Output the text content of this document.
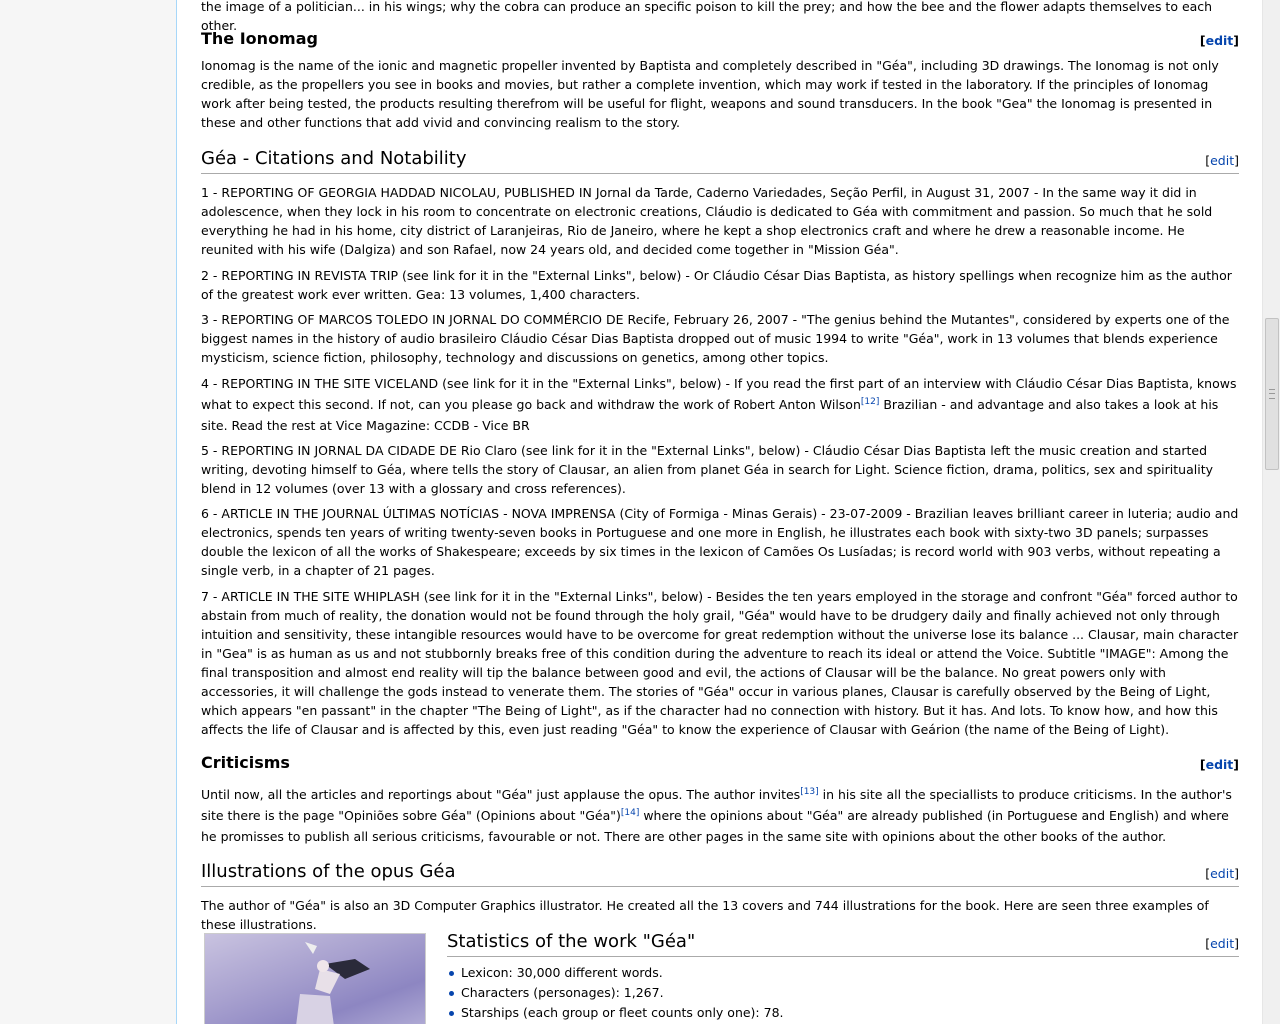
the image of a politician... in his wings; why the cobra can produce an specific poison to kill the prey; and how the bee and the flower adapts themselves to each other.

The Ionomag	[edit]

Ionomag is the name of the ionic and magnetic propeller invented by Baptista and completely described in "Géa", including 3D drawings. The Ionomag is not only credible, as the propellers you see in books and movies, but rather a complete invention, which may work if tested in the laboratory. If the principles of Ionomag work after being tested, the products resulting therefrom will be useful for flight, weapons and sound transducers. In the book "Gea" the Ionomag is presented in these and other functions that add vivid and convincing realism to the story.

Géa - Citations and Notability	[edit]

1 - REPORTING OF GEORGIA HADDAD NICOLAU, PUBLISHED IN Jornal da Tarde, Caderno Variedades, Seção Perfil, in August 31, 2007 - In the same way it did in adolescence, when they lock in his room to concentrate on electronic creations, Cláudio is dedicated to Géa with commitment and passion. So much that he sold everything he had in his home, city district of Laranjeiras, Rio de Janeiro, where he kept a shop electronics craft and where he drew a reasonable income. He reunited with his wife (Dalgiza) and son Rafael, now 24 years old, and decided come together in "Mission Géa".

2 - REPORTING IN REVISTA TRIP (see link for it in the "External Links", below) - Or Cláudio César Dias Baptista, as history spellings when recognize him as the author of the greatest work ever written. Gea: 13 volumes, 1,400 characters.

3 - REPORTING OF MARCOS TOLEDO IN JORNAL DO COMMÉRCIO DE Recife, February 26, 2007 - "The genius behind the Mutantes", considered by experts one of the biggest names in the history of audio brasileiro Cláudio César Dias Baptista dropped out of music 1994 to write "Géa", work in 13 volumes that blends experience mysticism, science fiction, philosophy, technology and discussions on genetics, among other topics.

4 - REPORTING IN THE SITE VICELAND (see link for it in the "External Links", below) - If you read the first part of an interview with Cláudio César Dias Baptista, knows what to expect this second. If not, can you please go back and withdraw the work of Robert Anton Wilson[12] Brazilian - and advantage and also takes a look at his site. Read the rest at Vice Magazine: CCDB - Vice BR

5 - REPORTING IN JORNAL DA CIDADE DE Rio Claro (see link for it in the "External Links", below) - Cláudio César Dias Baptista left the music creation and started writing, devoting himself to Géa, where tells the story of Clausar, an alien from planet Géa in search for Light. Science fiction, drama, politics, sex and spirituality blend in 12 volumes (over 13 with a glossary and cross references).

6 - ARTICLE IN THE JOURNAL ÚLTIMAS NOTÍCIAS - NOVA IMPRENSA (City of Formiga - Minas Gerais) - 23-07-2009 - Brazilian leaves brilliant career in luteria; audio and electronics, spends ten years of writing twenty-seven books in Portuguese and one more in English, he illustrates each book with sixty-two 3D panels; surpasses double the lexicon of all the works of Shakespeare; exceeds by six times in the lexicon of Camões Os Lusíadas; is record world with 903 verbs, without repeating a single verb, in a chapter of 21 pages.

7 - ARTICLE IN THE SITE WHIPLASH (see link for it in the "External Links", below) - Besides the ten years employed in the storage and confront "Géa" forced author to abstain from much of reality, the donation would not be found through the holy grail, "Géa" would have to be drudgery daily and finally achieved not only through intuition and sensitivity, these intangible resources would have to be overcome for great redemption without the universe lose its balance ... Clausar, main character in "Gea" is as human as us and not stubbornly breaks free of this condition during the adventure to reach its ideal or attend the Voice. Subtitle "IMAGE": Among the final transposition and almost end reality will tip the balance between good and evil, the actions of Clausar will be the balance. No great powers only with accessories, it will challenge the gods instead to venerate them. The stories of "Géa" occur in various planes, Clausar is carefully observed by the Being of Light, which appears "en passant" in the chapter "The Being of Light", as if the character had no connection with history. But it has. And lots. To know how, and how this affects the life of Clausar and is affected by this, even just reading "Géa" to know the experience of Clausar with Geárion (the name of the Being of Light).

Criticisms	[edit]

Until now, all the articles and reportings about "Géa" just applause the opus. The author invites[13] in his site all the speciallists to produce criticisms. In the author's site there is the page "Opiniões sobre Géa" (Opinions about "Géa")[14] where the opinions about "Géa" are already published (in Portuguese and English) and where he promisses to publish all serious criticisms, favourable or not. There are other pages in the same site with opinions about the other books of the author.

Illustrations of the opus Géa	[edit]

The author of "Géa" is also an 3D Computer Graphics illustrator. He created all the 13 covers and 744 illustrations for the book. Here are seen three examples of these illustrations.

Statistics of the work "Géa"	[edit]
Lexicon: 30,000 different words.
Characters (personages): 1,267.
Starships (each group or fleet counts only one): 78.
